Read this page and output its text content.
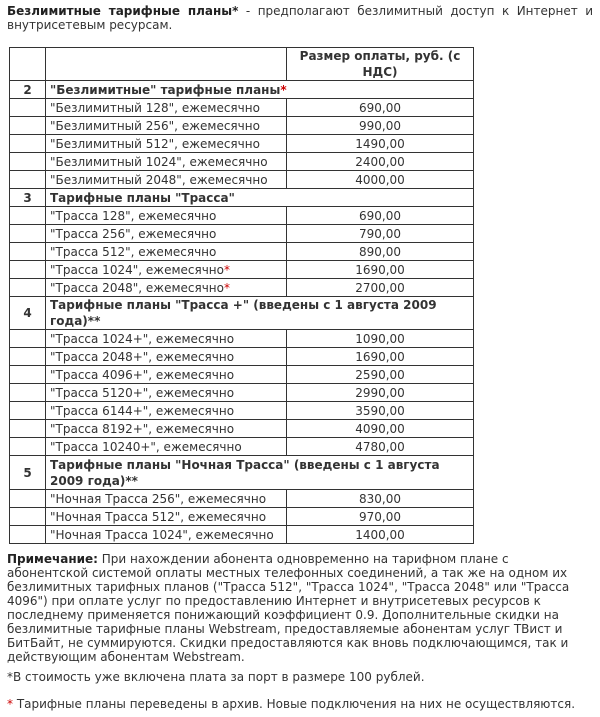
Безлимитные тарифные планы* - предполагают безлимитный доступ к Интернет и внутрисетевым ресурсам.
		Размер оплаты, руб. (с НДС)
2	"Безлимитные" тарифные планы*	
	"Безлимитный 128", ежемесячно	690,00
	"Безлимитный 256", ежемесячно	990,00
	"Безлимитный 512", ежемесячно	1490,00
	"Безлимитный 1024", ежемесячно	2400,00
	"Безлимитный 2048", ежемесячно	4000,00
3	Тарифные планы "Трасса"	
	"Трасса 128", ежемесячно	690,00
	"Трасса 256", ежемесячно	790,00
	"Трасса 512", ежемесячно	890,00
	"Трасса 1024", ежемесячно*	1690,00
	"Трасса 2048", ежемесячно*	2700,00
4	Тарифные планы "Трасса +" (введены с 1 августа 2009 года)**	
	"Трасса 1024+", ежемесячно	1090,00
	"Трасса 2048+", ежемесячно	1690,00
	"Трасса 4096+", ежемесячно	2590,00
	"Трасса 5120+", ежемесячно	2990,00
	"Трасса 6144+", ежемесячно	3590,00
	"Трасса 8192+", ежемесячно	4090,00
	"Трасса 10240+", ежемесячно	4780,00
5	Тарифные планы "Ночная Трасса" (введены с 1 августа 2009 года)**	
	"Ночная Трасса 256", ежемесячно	830,00
	"Ночная Трасса 512", ежемесячно	970,00
	"Ночная Трасса 1024", ежемесячно	1400,00
Примечание: При нахождении абонента одновременно на тарифном плане с абонентской системой оплаты местных телефонных соединений, а так же на одном их безлимитных тарифных планов ("Трасса 512", "Трасса 1024", "Трасса 2048" или "Трасса 4096") при оплате услуг по предоставлению Интернет и внутрисетевых ресурсов к последнему применяется понижающий коэффициент 0.9. Дополнительные скидки на безлимитные тарифные планы Webstream, предоставляемые абонентам услуг ТВист и БитБайт, не суммируются. Скидки предоставляются как вновь подключающимся, так и действующим абонентам Webstream.
*В стоимость уже включена плата за порт в размере 100 рублей.
* Тарифные планы переведены в архив. Новые подключения на них не осуществляются.
